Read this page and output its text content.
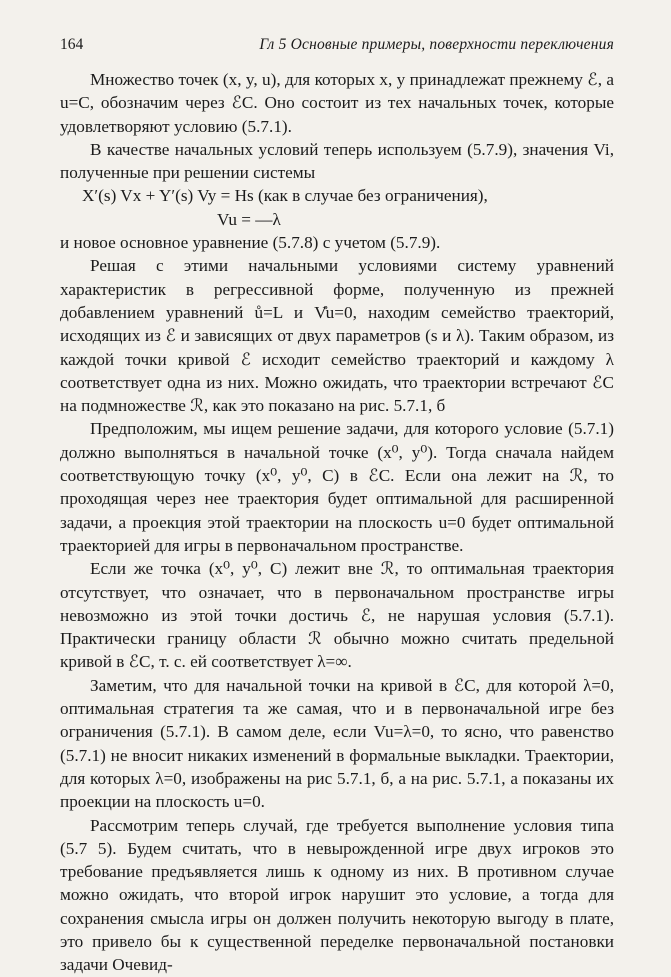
164	Гл 5 Основные примеры, поверхности переключения

Множество точек (x, y, u), для которых x, y принадлежат прежнему ℰ, а u=C, обозначим через ℰC. Оно состоит из тех начальных точек, которые удовлетворяют условию (5.7.1).

В качестве начальных условий теперь используем (5.7.9), значения Vi, полученные при решении системы

X′(s) Vx + Y′(s) Vy = Hs (как в случае без ограничения),

Vu = —λ

и новое основное уравнение (5.7.8) с учетом (5.7.9).

Решая с этими начальными условиями систему уравнений характеристик в регрессивной форме, полученную из прежней добавлением уравнений ů=L и V̊u=0, находим семейство траекторий, исходящих из ℰ и зависящих от двух параметров (s и λ). Таким образом, из каждой точки кривой ℰ исходит семейство траекторий и каждому λ соответствует одна из них. Можно ожидать, что траектории встречают ℰC на подмножестве ℛ, как это показано на рис. 5.7.1, б

Предположим, мы ищем решение задачи, для которого условие (5.7.1) должно выполняться в начальной точке (x⁰, y⁰). Тогда сначала найдем соответствующую точку (x⁰, y⁰, C) в ℰC. Если она лежит на ℛ, то проходящая через нее траектория будет оптимальной для расширенной задачи, а проекция этой траектории на плоскость u=0 будет оптимальной траекторией для игры в первоначальном пространстве.

Если же точка (x⁰, y⁰, C) лежит вне ℛ, то оптимальная траектория отсутствует, что означает, что в первоначальном пространстве игры невозможно из этой точки достичь ℰ, не нарушая условия (5.7.1). Практически границу области ℛ обычно можно считать предельной кривой в ℰC, т. с. ей соответствует λ=∞.

Заметим, что для начальной точки на кривой в ℰC, для которой λ=0, оптимальная стратегия та же самая, что и в первоначальной игре без ограничения (5.7.1). В самом деле, если Vu=λ=0, то ясно, что равенство (5.7.1) не вносит никаких изменений в формальные выкладки. Траектории, для которых λ=0, изображены на рис 5.7.1, б, а на рис. 5.7.1, а показаны их проекции на плоскость u=0.

Рассмотрим теперь случай, где требуется выполнение условия типа (5.7 5). Будем считать, что в невырожденной игре двух игроков это требование предъявляется лишь к одному из них. В противном случае можно ожидать, что второй игрок нарушит это условие, а тогда для сохранения смысла игры он должен получить некоторую выгоду в плате, это привело бы к существенной переделке первоначальной постановки задачи Очевид-
